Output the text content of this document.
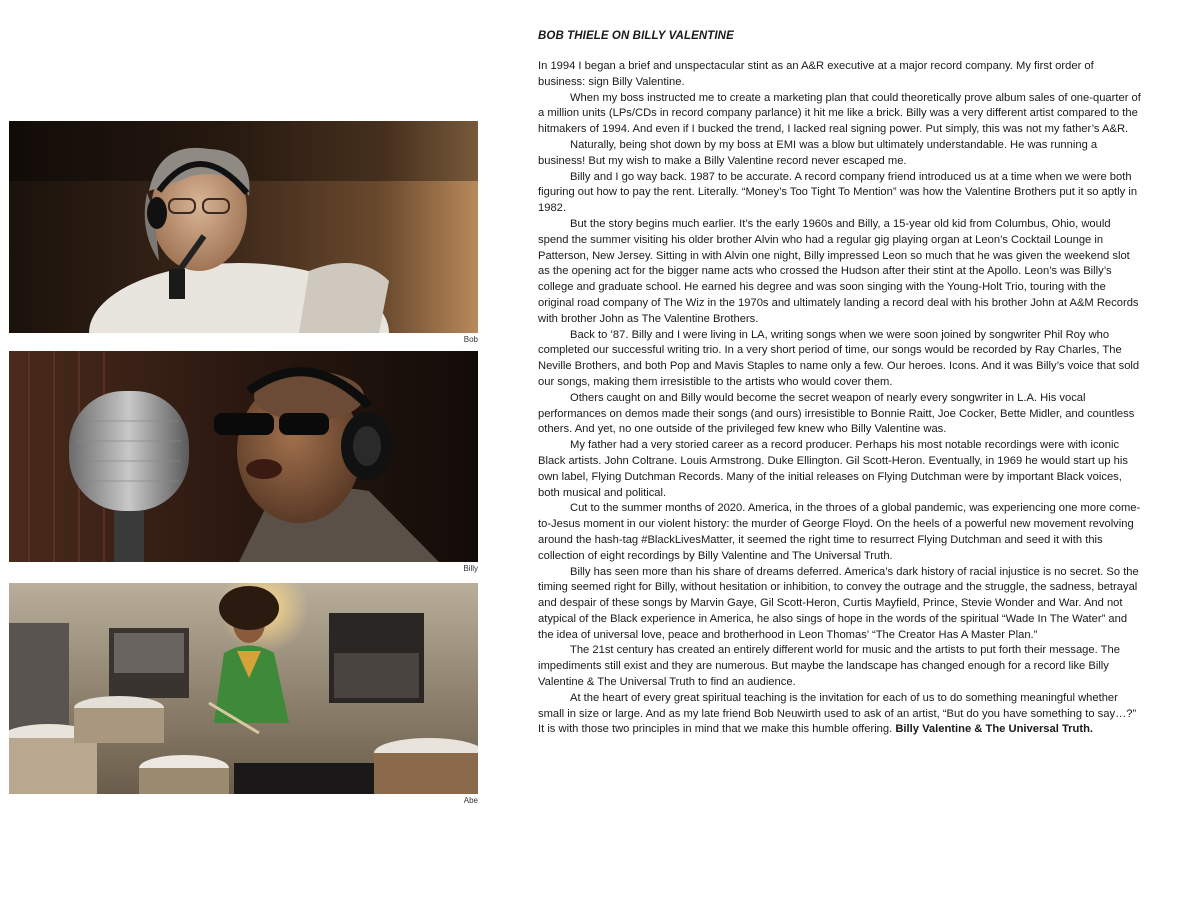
Bob
Billy
Abe
BOB THIELE ON BILLY VALENTINE

In 1994 I began a brief and unspectacular stint as an A&R executive at a major record company. My first order of business: sign Billy Valentine.

When my boss instructed me to create a marketing plan that could theoretically prove album sales of one-quarter of a million units (LPs/CDs in record company parlance) it hit me like a brick. Billy was a very different artist compared to the hitmakers of 1994. And even if I bucked the trend, I lacked real signing power. Put simply, this was not my father’s A&R.

Naturally, being shot down by my boss at EMI was a blow but ultimately understandable. He was running a business! But my wish to make a Billy Valentine record never escaped me.

Billy and I go way back. 1987 to be accurate. A record company friend introduced us at a time when we were both figuring out how to pay the rent. Literally. “Money’s Too Tight To Mention” was how the Valentine Brothers put it so aptly in 1982.

But the story begins much earlier. It’s the early 1960s and Billy, a 15-year old kid from Columbus, Ohio, would spend the summer visiting his older brother Alvin who had a regular gig playing organ at Leon’s Cocktail Lounge in Patterson, New Jersey. Sitting in with Alvin one night, Billy impressed Leon so much that he was given the weekend slot as the opening act for the bigger name acts who crossed the Hudson after their stint at the Apollo. Leon’s was Billy’s college and graduate school. He earned his degree and was soon singing with the Young-Holt Trio, touring with the original road company of The Wiz in the 1970s and ultimately landing a record deal with his brother John at A&M Records with brother John as The Valentine Brothers.

Back to ’87. Billy and I were living in LA, writing songs when we were soon joined by songwriter Phil Roy who completed our successful writing trio. In a very short period of time, our songs would be recorded by Ray Charles, The Neville Brothers, and both Pop and Mavis Staples to name only a few. Our heroes. Icons. And it was Billy’s voice that sold our songs, making them irresistible to the artists who would cover them.

Others caught on and Billy would become the secret weapon of nearly every songwriter in L.A. His vocal performances on demos made their songs (and ours) irresistible to Bonnie Raitt, Joe Cocker, Bette Midler, and countless others. And yet, no one outside of the privileged few knew who Billy Valentine was.

My father had a very storied career as a record producer. Perhaps his most notable recordings were with iconic Black artists. John Coltrane. Louis Armstrong. Duke Ellington. Gil Scott-Heron. Eventually, in 1969 he would start up his own label, Flying Dutchman Records. Many of the initial releases on Flying Dutchman were by important Black voices, both musical and political.

Cut to the summer months of 2020. America, in the throes of a global pandemic, was experiencing one more come-to-Jesus moment in our violent history: the murder of George Floyd. On the heels of a powerful new movement revolving around the hash-tag #BlackLivesMatter, it seemed the right time to resurrect Flying Dutchman and seed it with this collection of eight recordings by Billy Valentine and The Universal Truth.

Billy has seen more than his share of dreams deferred. America’s dark history of racial injustice is no secret. So the timing seemed right for Billy, without hesitation or inhibition, to convey the outrage and the struggle, the sadness, betrayal and despair of these songs by Marvin Gaye, Gil Scott-Heron, Curtis Mayfield, Prince, Stevie Wonder and War. And not atypical of the Black experience in America, he also sings of hope in the words of the spiritual “Wade In The Water” and the idea of universal love, peace and brotherhood in Leon Thomas’ “The Creator Has A Master Plan.”

The 21st century has created an entirely different world for music and the artists to put forth their message. The impediments still exist and they are numerous. But maybe the landscape has changed enough for a record like Billy Valentine & The Universal Truth to find an audience.

At the heart of every great spiritual teaching is the invitation for each of us to do something meaningful whether small in size or large. And as my late friend Bob Neuwirth used to ask of an artist, “But do you have something to say…?” It is with those two principles in mind that we make this humble offering. Billy Valentine & The Universal Truth.
